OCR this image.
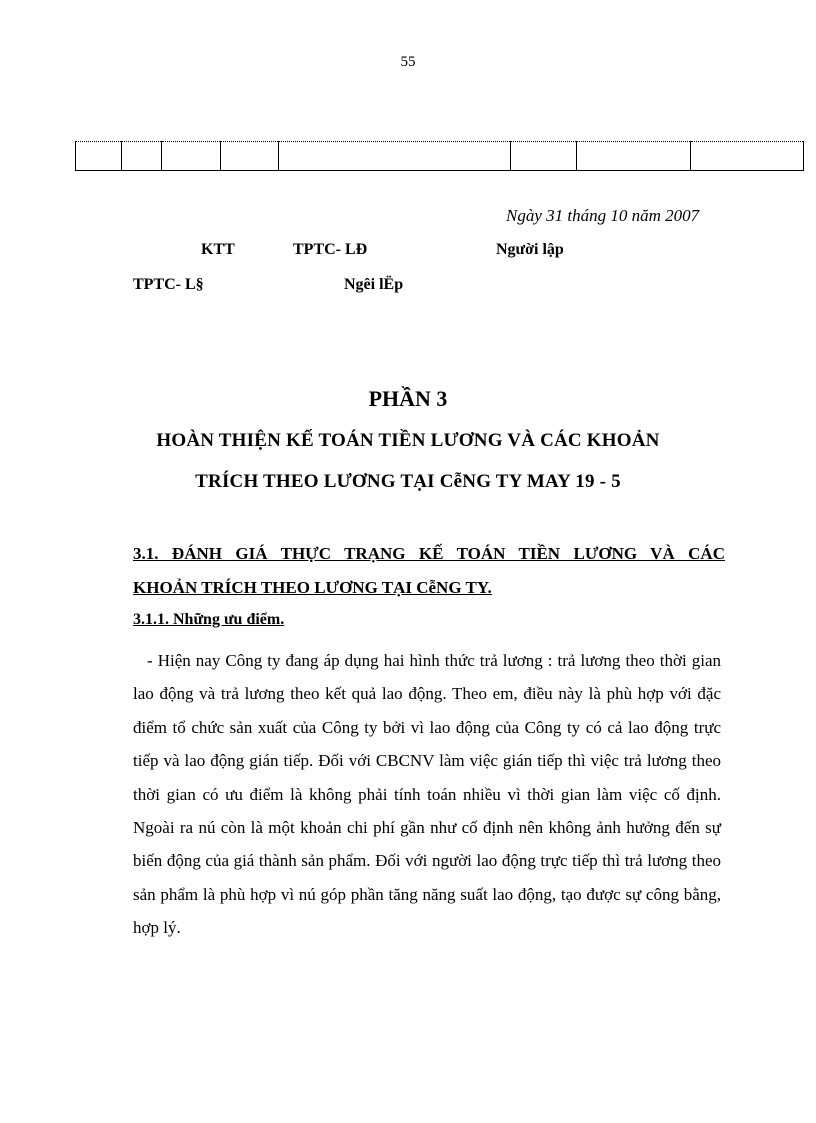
55

Ngày 31 tháng 10 năm 2007
KTT	TPTC- LĐ	Người lập
TPTC- L§	Ngêi lËp
PHẦN 3
HOÀN THIỆN KẾ TOÁN TIỀN LƯƠNG VÀ CÁC KHOẢN
TRÍCH THEO LƯƠNG TẠI CễNG TY MAY 19 - 5
3.1. ĐÁNH GIÁ THỰC TRẠNG KẾ TOÁN TIỀN LƯƠNG VÀ CÁC
KHOẢN TRÍCH THEO LƯƠNG TẠI CễNG TY.
3.1.1. Những ưu điểm.

- Hiện nay Công ty đang áp dụng hai hình thức trả lương : trả lương theo thời gian lao động và trả lương theo kết quả lao động. Theo em, điều này là phù hợp với đặc điểm tổ chức sản xuất của Công ty bởi vì lao động của Công ty có cả lao động trực tiếp và lao động gián tiếp. Đối với CBCNV làm việc gián tiếp thì việc trả lương theo thời gian có ưu điểm là không phải tính toán nhiều vì thời gian làm việc cố định. Ngoài ra nú còn là một khoản chi phí gần như cố định nên không ảnh hưởng đến sự biến động của giá thành sản phẩm. Đối với người lao động trực tiếp thì trả lương theo sản phẩm là phù hợp vì nú góp phần tăng năng suất lao động, tạo được sự công bằng, hợp lý.
